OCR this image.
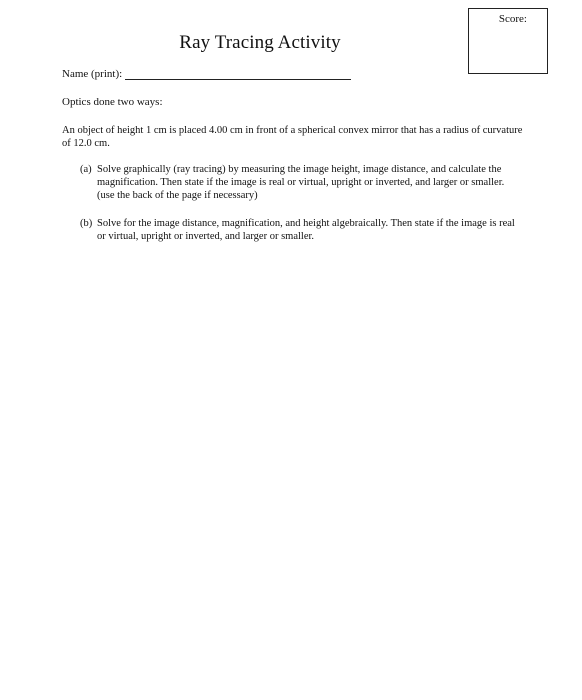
Score:
Ray Tracing Activity
Name (print):
Optics done two ways:
An object of height 1 cm is placed 4.00 cm in front of a spherical convex mirror that has a radius of curvature of 12.0 cm.
(a) Solve graphically (ray tracing) by measuring the image height, image distance, and calculate the magnification. Then state if the image is real or virtual, upright or inverted, and larger or smaller. (use the back of the page if necessary)
(b) Solve for the image distance, magnification, and height algebraically. Then state if the image is real or virtual, upright or inverted, and larger or smaller.
